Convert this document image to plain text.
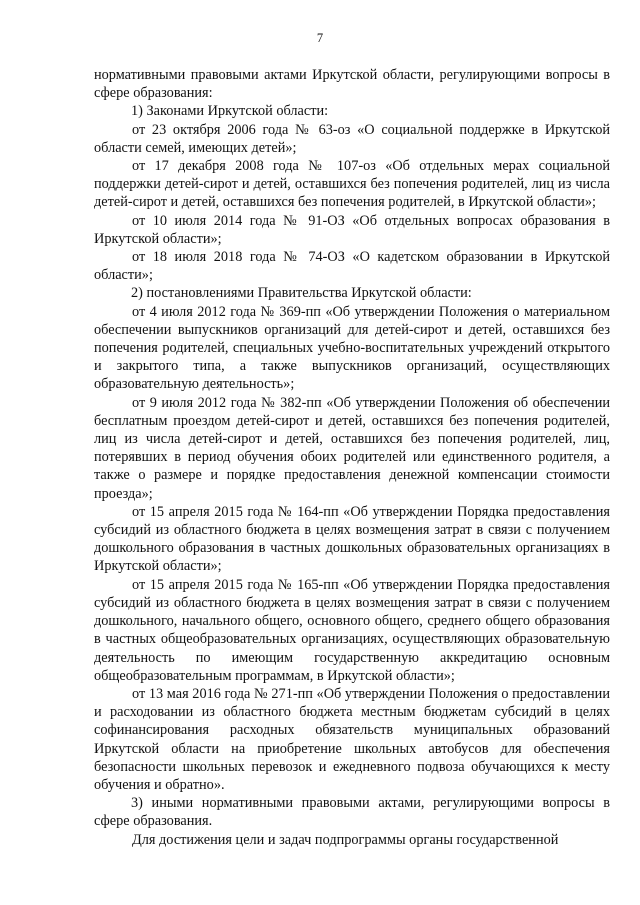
7

нормативными правовыми актами Иркутской области, регулирующими вопросы в сфере образования:

1) Законами Иркутской области:

от 23 октября 2006 года № 63-оз «О социальной поддержке в Иркутской области семей, имеющих детей»;

от 17 декабря 2008 года № 107-оз «Об отдельных мерах социальной поддержки детей-сирот и детей, оставшихся без попечения родителей, лиц из числа детей-сирот и детей, оставшихся без попечения родителей, в Иркутской области»;

от 10 июля 2014 года № 91-ОЗ «Об отдельных вопросах образования в Иркутской области»;

от 18 июля 2018 года № 74-ОЗ «О кадетском образовании в Иркутской области»;

2) постановлениями Правительства Иркутской области:

от 4 июля 2012 года № 369-пп «Об утверждении Положения о материальном обеспечении выпускников организаций для детей-сирот и детей, оставшихся без попечения родителей, специальных учебно-воспитательных учреждений открытого и закрытого типа, а также выпускников организаций, осуществляющих образовательную деятельность»;

от 9 июля 2012 года № 382-пп «Об утверждении Положения об обеспечении бесплатным проездом детей-сирот и детей, оставшихся без попечения родителей, лиц из числа детей-сирот и детей, оставшихся без попечения родителей, лиц, потерявших в период обучения обоих родителей или единственного родителя, а также о размере и порядке предоставления денежной компенсации стоимости проезда»;

от 15 апреля 2015 года № 164-пп «Об утверждении Порядка предоставления субсидий из областного бюджета в целях возмещения затрат в связи с получением дошкольного образования в частных дошкольных образовательных организациях в Иркутской области»;

от 15 апреля 2015 года № 165-пп «Об утверждении Порядка предоставления субсидий из областного бюджета в целях возмещения затрат в связи с получением дошкольного, начального общего, основного общего, среднего общего образования в частных общеобразовательных организациях, осуществляющих образовательную деятельность по имеющим государственную аккредитацию основным общеобразовательным программам, в Иркутской области»;

от 13 мая 2016 года № 271-пп «Об утверждении Положения о предоставлении и расходовании из областного бюджета местным бюджетам субсидий в целях софинансирования расходных обязательств муниципальных образований Иркутской области на приобретение школьных автобусов для обеспечения безопасности школьных перевозок и ежедневного подвоза обучающихся к месту обучения и обратно».

3) иными нормативными правовыми актами, регулирующими вопросы в сфере образования.

Для достижения цели и задач подпрограммы органы государственной
